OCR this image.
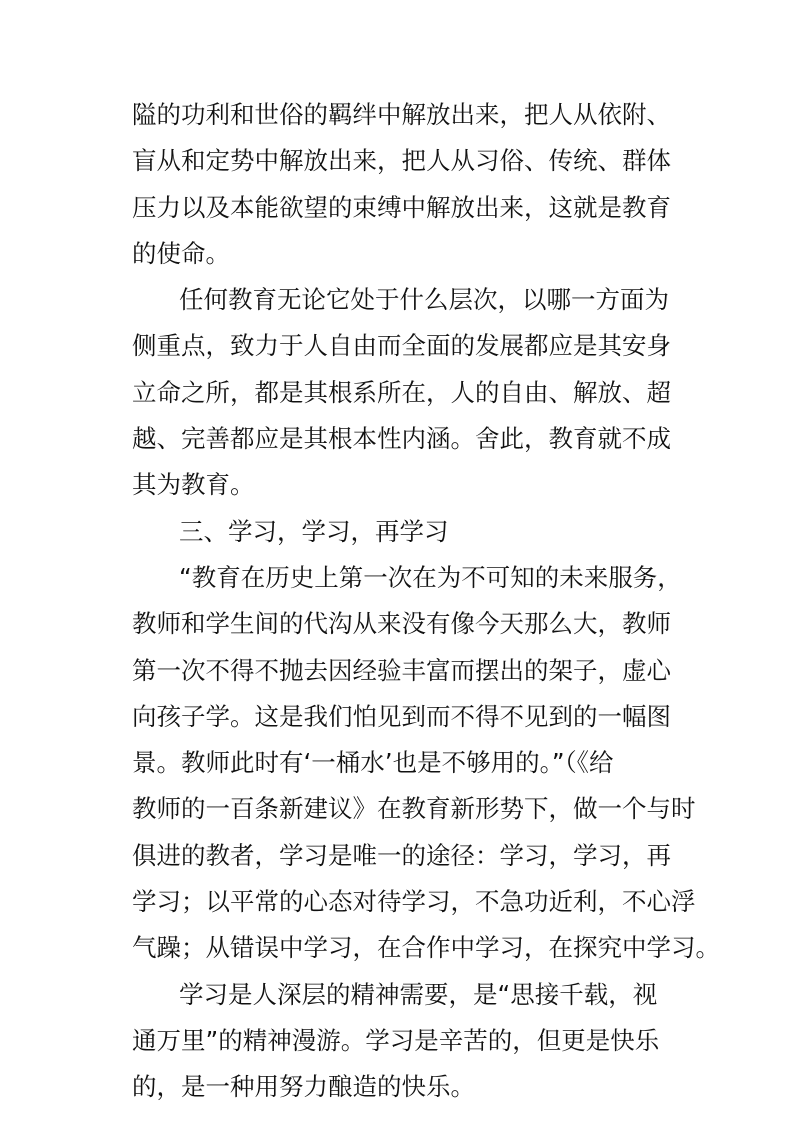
隘的功利和世俗的羁绊中解放出来，把人从依附、
盲从和定势中解放出来，把人从习俗、传统、群体
压力以及本能欲望的束缚中解放出来，这就是教育
的使命。
任何教育无论它处于什么层次，以哪一方面为
侧重点，致力于人自由而全面的发展都应是其安身
立命之所，都是其根系所在，人的自由、解放、超
越、完善都应是其根本性内涵。舍此，教育就不成
其为教育。
三、学习，学习，再学习
“教育在历史上第一次在为不可知的未来服务，
教师和学生间的代沟从来没有像今天那么大，教师
第一次不得不抛去因经验丰富而摆出的架子，虚心
向孩子学。这是我们怕见到而不得不见到的一幅图
景。教师此时有‘一桶水’也是不够用的。”（《给
教师的一百条新建议》在教育新形势下，做一个与时
俱进的教者，学习是唯一的途径：学习，学习，再
学习；以平常的心态对待学习，不急功近利，不心浮
气躁；从错误中学习，在合作中学习，在探究中学习。
学习是人深层的精神需要，是“思接千载，视
通万里”的精神漫游。学习是辛苦的，但更是快乐
的，是一种用努力酿造的快乐。
